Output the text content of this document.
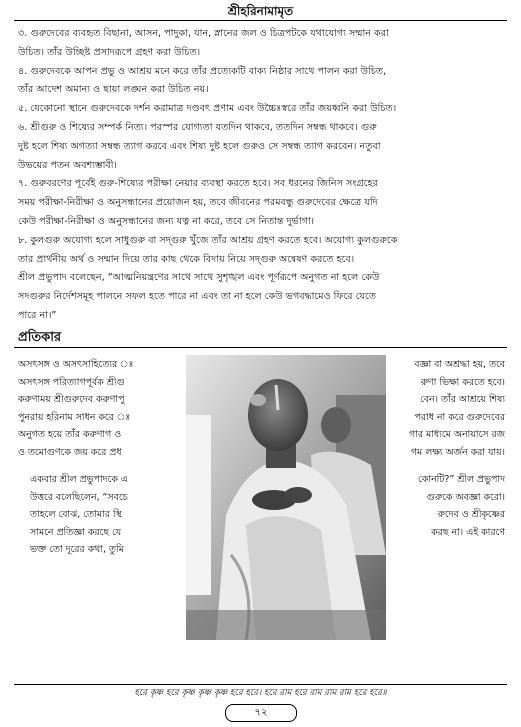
শ্রীহরিনামামৃত

৩. গুরুদেবের ব্যবহৃত বিছানা, আসন, পাদুকা, যান, স্নানের জল ও চিত্রপটকে যথাযোগ্য সম্মান করা

উচিত। তাঁর উচ্ছিষ্ট প্রসাদরূপে গ্রহণ করা উচিত।

৪. গুরুদেবকে আপন প্রভু ও আশ্রয় মনে করে তাঁর প্রত্যেকটি বাক্য নিষ্ঠার সাথে পালন করা উচিত,

তাঁর আদেশ অমান্য ও ছায়া লঙ্ঘন করা উচিত নয়।

৫. যেকোনো স্থানে গুরুদেবকে দর্শন করামাত্র দণ্ডবৎ প্রণাম এবং উচ্চৈঃস্বরে তাঁর জয়ধ্বনি করা উচিত।

৬. শ্রীগুরু ও শিষ্যের সম্পর্ক নিত্য। পরস্পর যোগ্যতা যতদিন থাকবে, ততদিন সম্বন্ধ থাকবে। গুরু

দুষ্ট হলে শিষ্য অগত্যা সম্বন্ধ ত্যাগ করবে এবং শিষ্য দুষ্ট হলে গুরুও সে সম্বন্ধ ত্যাগ করবেন। নতুবা

উভয়ের পতন অবশ্যম্ভাবী।

৭. গুরুবরণের পূর্বেই গুরু-শিষ্যের পরীক্ষা নেয়ার ব্যবস্থা করতে হবে। সব ধরনের জিনিস সংগ্রহের

সময় পরীক্ষা-নিরীক্ষা ও অনুসন্ধানের প্রয়োজন হয়, তবে জীবনের পরমবন্ধু গুরুদেবের ক্ষেত্রে যদি

কেউ পরীক্ষা-নিরীক্ষা ও অনুসন্ধানের জন্য যত্ন না করে, তবে সে নিতান্ত দুর্ভাগা।

৮. কুলগুরু অযোগ্য হলে সাধুগুরু বা সদ্গুরু খুঁজে তাঁর আশ্রয় গ্রহণ করতে হবে। অযোগ্য কুলগুরুকে

তার প্রার্থনীয় অর্থ ও সম্মান দিয়ে তার কাছ থেকে বিদায় নিয়ে সদ্গুরু অন্বেষণ করতে হবে।

শ্রীল প্রভুপাদ বলেছেন, “আত্মনিয়ন্ত্রণের সাথে সাথে সুশৃঙ্খল এবং পূর্ণরূপে অনুগত না হলে কেউ

সদগুরুর নির্দেশসমূহ পালনে সফল হতে পারে না এবং তা না হলে কেউ ভগবদ্ধামেও ফিরে যেতে

পারে না।”

প্রতিকার
অসৎসঙ্গ ও অসৎসাহিত্যের ঃ
অসৎসঙ্গ পরিত্যাগপূর্বক শ্রীগু
করুণাময় শ্রীগুরুদেব করুণাপু
পুনরায় হরিনাম সাধন করে ঃ
অনুগত হয়ে তাঁর করুণাগ ও
ও তমোগুণকে জয় করে প্রধ
বজ্ঞা বা অশ্রদ্ধা হয়, তবে
রুণা ভিক্ষা করতে হবে।
বেন। তাঁর আশ্রয়ে শিষ্য
পরাধ না করে গুরুদেবের
গার মাধ্যমে অনায়াসে রজ
গম লক্ষ্য অর্জন করা যায়।
একবার শ্রীল প্রভুপাদকে এ
উত্তরে বলেছিলেন, “সবচে
তাহলে বোঝ, তোমার স্থি
সামনে প্রতিজ্ঞা করছে যে
ভক্ত তো দূরের কথা, তুমি
কোনটি?” শ্রীল প্রভুপাদ
গুরুকে অবজ্ঞা করো।
রুদেব ও শ্রীকৃষ্ণের
করছ না। এই কারণে
হরে কৃষ্ণ হরে কৃষ্ণ কৃষ্ণ কৃষ্ণ হরে হরে। হরে রাম হরে রাম রাম রাম হরে হরে॥
৭২
